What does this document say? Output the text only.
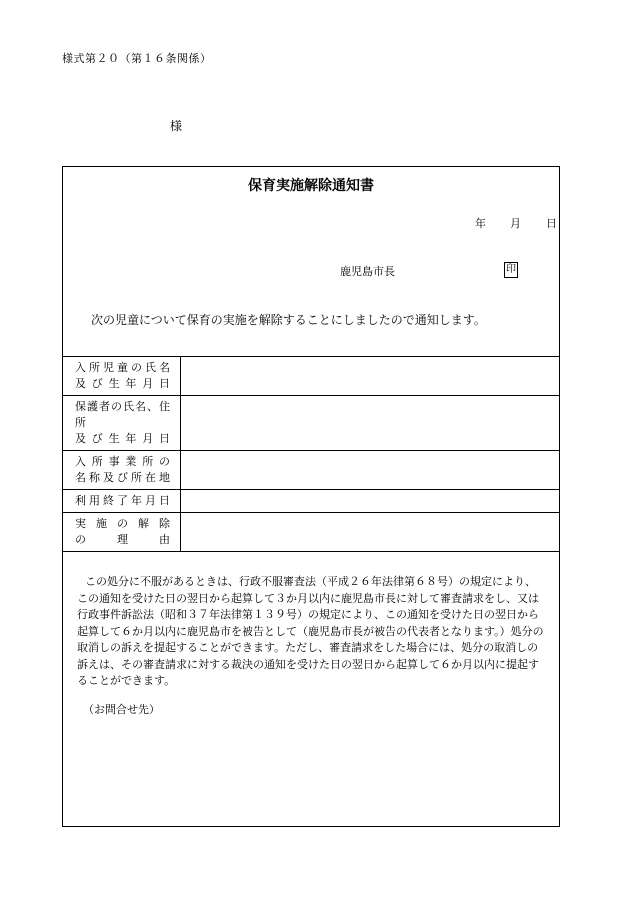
様式第２０（第１６条関係）
様
保育実施解除通知書
年 月 日
鹿児島市長	印
次の児童について保育の実施を解除することにしましたので通知します。
入所児童の氏名
及び生年月日	

保護者の氏名、住所
及び生年月日	

入所事業所の
名称及び所在地	

利用終了年月日	

実施の解除
の理由	

この処分に不服があるときは、行政不服審査法（平成２６年法律第６８号）の規定により、この通知を受けた日の翌日から起算して３か月以内に鹿児島市長に対して審査請求をし、又は行政事件訴訟法（昭和３７年法律第１３９号）の規定により、この通知を受けた日の翌日から起算して６か月以内に鹿児島市を被告として（鹿児島市長が被告の代表者となります。）処分の取消しの訴えを提起することができます。ただし、審査請求をした場合には、処分の取消しの訴えは、その審査請求に対する裁決の通知を受けた日の翌日から起算して６か月以内に提起することができます。
（お問合せ先）
